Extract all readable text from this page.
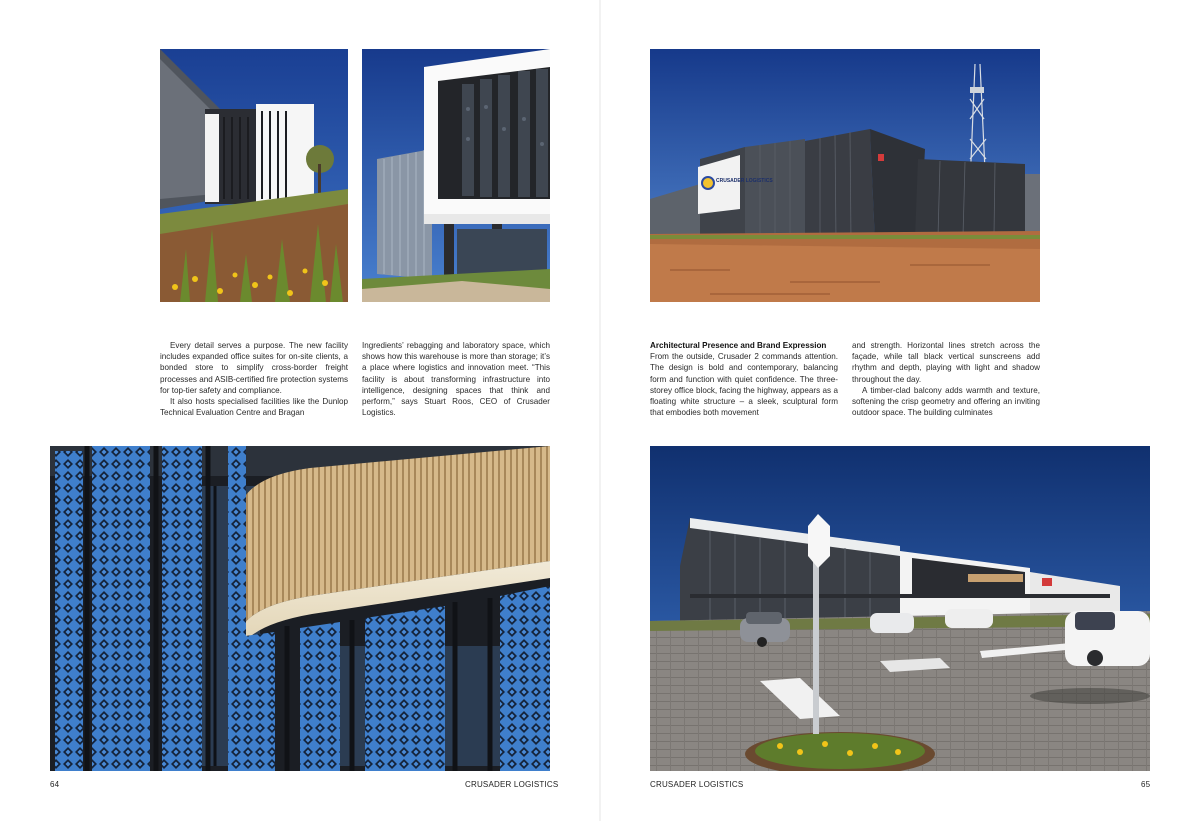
Every detail serves a purpose. The new facility includes expanded office suites for on-site clients, a bonded store to simplify cross-border freight processes and ASIB-certified fire protection systems for top-tier safety and compliance.

It also hosts specialised facilities like the Dunlop Technical Evaluation Centre and Bragan

Ingredients’ rebagging and laboratory space, which shows how this warehouse is more than storage; it’s a place where logistics and innovation meet. “This facility is about transforming infrastructure into intelligence, designing spaces that think and perform,” says Stuart Roos, CEO of Crusader Logistics.

64	CRUSADER LOGISTICS
CRUSADER LOGISTICS

Architectural Presence and Brand Expression
From the outside, Crusader 2 commands attention. The design is bold and contemporary, balancing form and function with quiet confidence. The three-storey office block, facing the highway, appears as a floating white structure – a sleek, sculptural form that embodies both movement

and strength. Horizontal lines stretch across the façade, while tall black vertical sunscreens add rhythm and depth, playing with light and shadow throughout the day.

A timber-clad balcony adds warmth and texture, softening the crisp geometry and offering an inviting outdoor space. The building culminates

CRUSADER LOGISTICS	65
